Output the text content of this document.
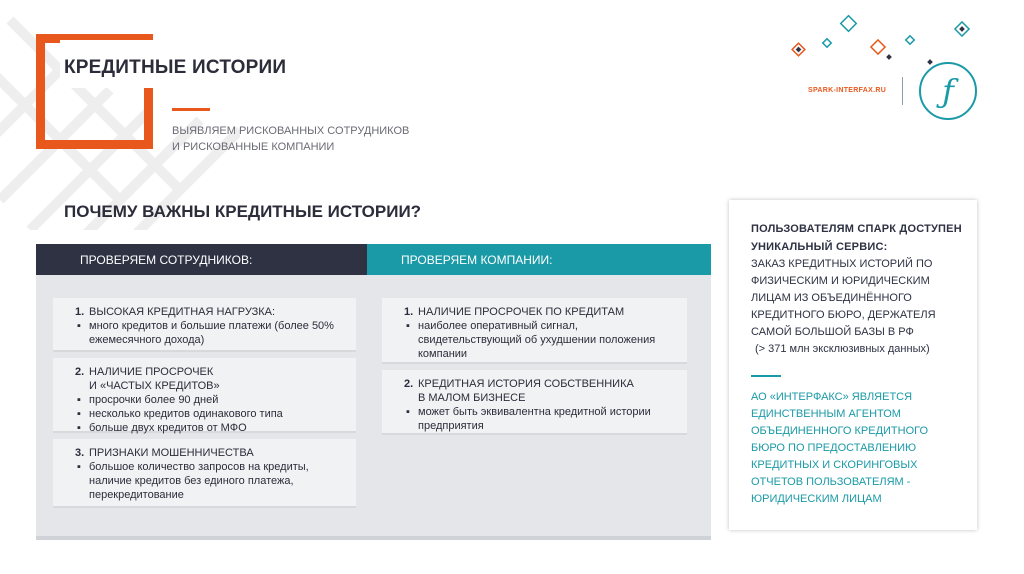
КРЕДИТНЫЕ ИСТОРИИ
ВЫЯВЛЯЕМ РИСКОВАННЫХ СОТРУДНИКОВ
И РИСКОВАННЫЕ КОМПАНИИ
SPARK-INTERFAX.RU ƒ
ПОЧЕМУ ВАЖНЫ КРЕДИТНЫЕ ИСТОРИИ?
ПРОВЕРЯЕМ СОТРУДНИКОВ:	ПРОВЕРЯЕМ КОМПАНИИ:
1. ВЫСОКАЯ КРЕДИТНАЯ НАГРУЗКА:
▪ много кредитов и большие платежи (более 50% ежемесячного дохода)
2. НАЛИЧИЕ ПРОСРОЧЕК
И «ЧАСТЫХ КРЕДИТОВ»
▪ просрочки более 90 дней
▪ несколько кредитов одинакового типа
▪ больше двух кредитов от МФО
3. ПРИЗНАКИ МОШЕННИЧЕСТВА
▪ большое количество запросов на кредиты, наличие кредитов без единого платежа, перекредитование
1. НАЛИЧИЕ ПРОСРОЧЕК ПО КРЕДИТАМ
▪ наиболее оперативный сигнал, свидетельствующий об ухудшении положения компании
2. КРЕДИТНАЯ ИСТОРИЯ СОБСТВЕННИКА
В МАЛОМ БИЗНЕСЕ
▪ может быть эквивалентна кредитной истории предприятия
ПОЛЬЗОВАТЕЛЯМ СПАРК ДОСТУПЕН УНИКАЛЬНЫЙ СЕРВИС:
ЗАКАЗ КРЕДИТНЫХ ИСТОРИЙ ПО ФИЗИЧЕСКИМ И ЮРИДИЧЕСКИМ ЛИЦАМ ИЗ ОБЪЕДИНЁННОГО КРЕДИТНОГО БЮРО, ДЕРЖАТЕЛЯ САМОЙ БОЛЬШОЙ БАЗЫ В РФ
(> 371 млн эксклюзивных данных)
АО «ИНТЕРФАКС» ЯВЛЯЕТСЯ ЕДИНСТВЕННЫМ АГЕНТОМ ОБЪЕДИНЕННОГО КРЕДИТНОГО БЮРО ПО ПРЕДОСТАВЛЕНИЮ КРЕДИТНЫХ И СКОРИНГОВЫХ ОТЧЕТОВ ПОЛЬЗОВАТЕЛЯМ - ЮРИДИЧЕСКИМ ЛИЦАМ
